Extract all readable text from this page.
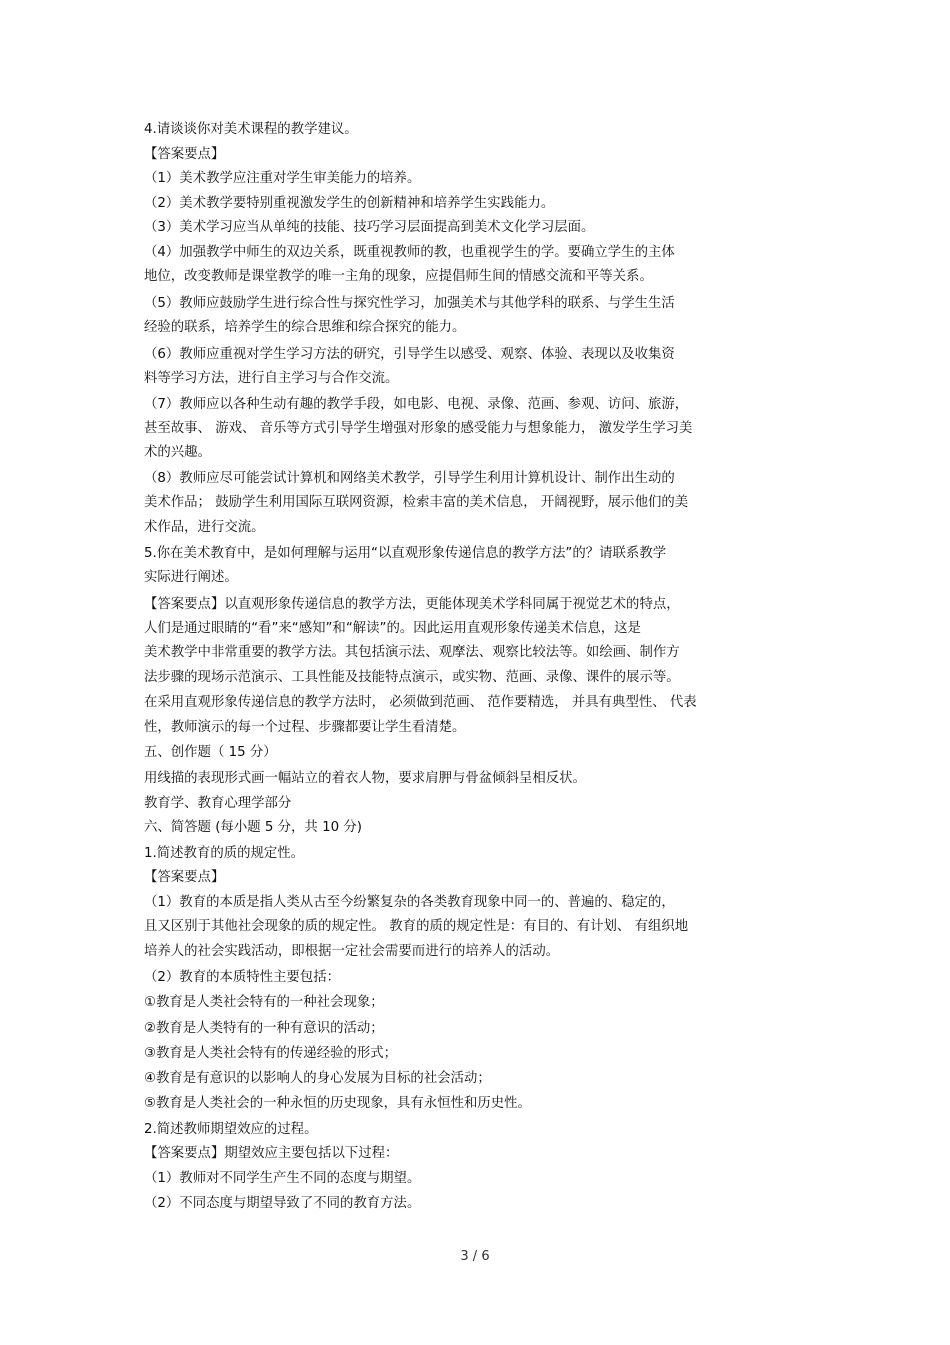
4.请谈谈你对美术课程的教学建议。

【答案要点】

（1）美术教学应注重对学生审美能力的培养。

（2）美术教学要特别重视激发学生的创新精神和培养学生实践能力。

（3）美术学习应当从单纯的技能、技巧学习层面提高到美术文化学习层面。

（4）加强教学中师生的双边关系，既重视教师的教，也重视学生的学。要确立学生的主体

地位，改变教师是课堂教学的唯一主角的现象，应提倡师生间的情感交流和平等关系。

（5）教师应鼓励学生进行综合性与探究性学习，加强美术与其他学科的联系、与学生生活

经验的联系，培养学生的综合思维和综合探究的能力。

（6）教师应重视对学生学习方法的研究，引导学生以感受、观察、体验、表现以及收集资

料等学习方法，进行自主学习与合作交流。

（7）教师应以各种生动有趣的教学手段，如电影、电视、录像、范画、参观、访问、旅游，

甚至故事、 游戏、 音乐等方式引导学生增强对形象的感受能力与想象能力， 激发学生学习美

术的兴趣。

（8）教师应尽可能尝试计算机和网络美术教学，引导学生利用计算机设计、制作出生动的

美术作品； 鼓励学生利用国际互联网资源，检索丰富的美术信息， 开阔视野，展示他们的美

术作品，进行交流。

5.你在美术教育中，是如何理解与运用“以直观形象传递信息的教学方法”的？请联系教学

实际进行阐述。

【答案要点】以直观形象传递信息的教学方法，更能体现美术学科同属于视觉艺术的特点，

人们是通过眼睛的“看”来“感知”和“解读”的。因此运用直观形象传递美术信息，这是

美术教学中非常重要的教学方法。其包括演示法、观摩法、观察比较法等。如绘画、制作方

法步骤的现场示范演示、工具性能及技能特点演示，或实物、范画、录像、课件的展示等。

在采用直观形象传递信息的教学方法时， 必须做到范画、 范作要精选， 并具有典型性、 代表

性，教师演示的每一个过程、步骤都要让学生看清楚。

五、创作题（ 15 分）

用线描的表现形式画一幅站立的着衣人物，要求肩胛与骨盆倾斜呈相反状。

教育学、教育心理学部分

六、简答题 (每小题 5 分，共 10 分)

1.简述教育的质的规定性。

【答案要点】

（1）教育的本质是指人类从古至今纷繁复杂的各类教育现象中同一的、普遍的、稳定的，

且又区别于其他社会现象的质的规定性。 教育的质的规定性是：有目的、有计划、 有组织地

培养人的社会实践活动，即根据一定社会需要而进行的培养人的活动。

（2）教育的本质特性主要包括：

①教育是人类社会特有的一种社会现象；

②教育是人类特有的一种有意识的活动；

③教育是人类社会特有的传递经验的形式；

④教育是有意识的以影响人的身心发展为目标的社会活动；

⑤教育是人类社会的一种永恒的历史现象，具有永恒性和历史性。

2.简述教师期望效应的过程。

【答案要点】期望效应主要包括以下过程：

（1）教师对不同学生产生不同的态度与期望。

（2）不同态度与期望导致了不同的教育方法。

3 / 6
